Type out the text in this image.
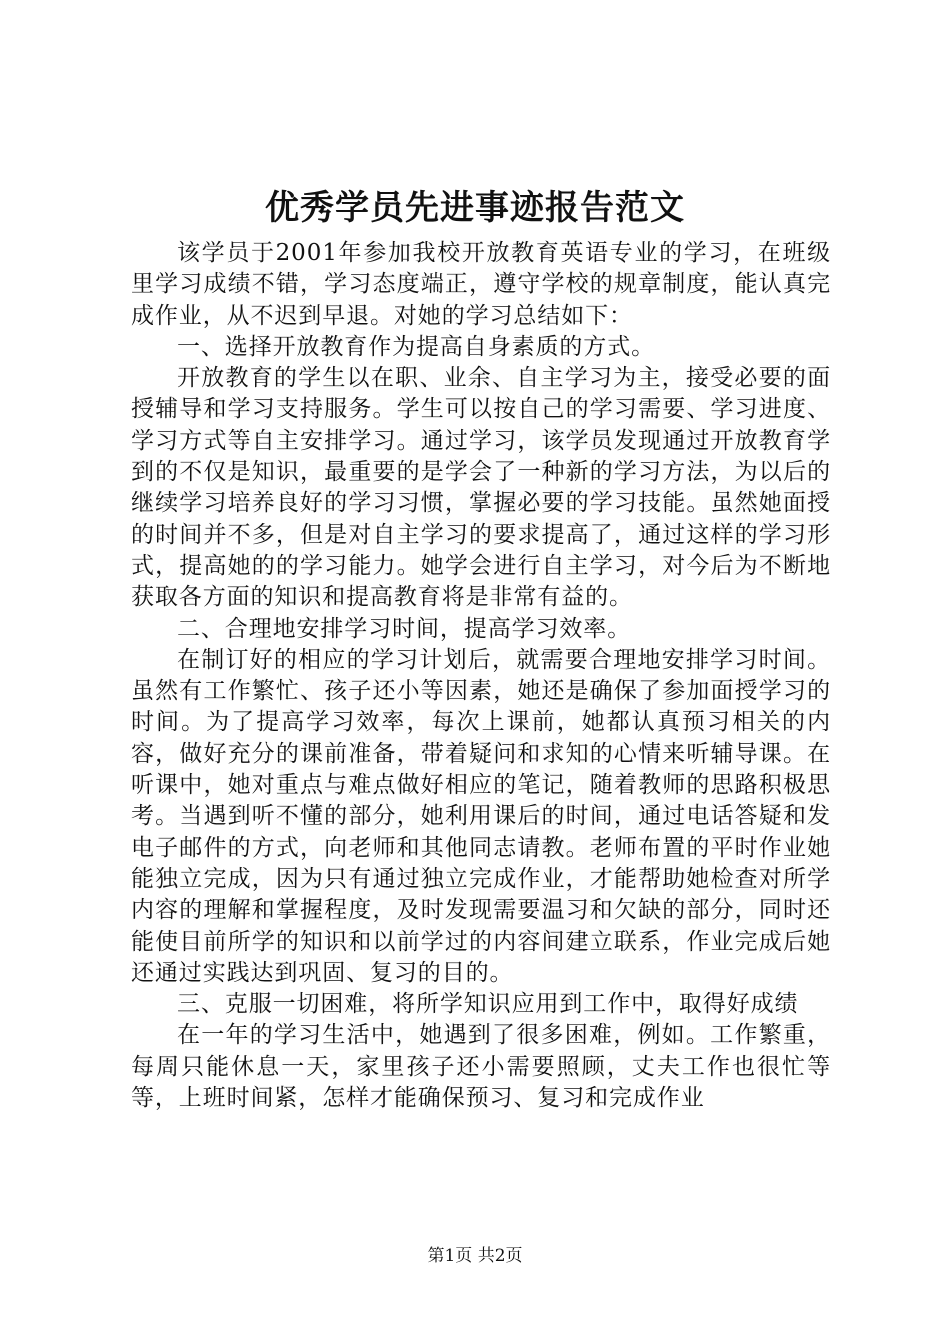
优秀学员先进事迹报告范文

该学员于2001年参加我校开放教育英语专业的学习，在班级里学习成绩不错，学习态度端正，遵守学校的规章制度，能认真完成作业，从不迟到早退。对她的学习总结如下：

一、选择开放教育作为提高自身素质的方式。

开放教育的学生以在职、业余、自主学习为主，接受必要的面授辅导和学习支持服务。学生可以按自己的学习需要、学习进度、学习方式等自主安排学习。通过学习，该学员发现通过开放教育学到的不仅是知识，最重要的是学会了一种新的学习方法，为以后的继续学习培养良好的学习习惯，掌握必要的学习技能。虽然她面授的时间并不多，但是对自主学习的要求提高了，通过这样的学习形式，提高她的的学习能力。她学会进行自主学习，对今后为不断地获取各方面的知识和提高教育将是非常有益的。

二、合理地安排学习时间，提高学习效率。

在制订好的相应的学习计划后，就需要合理地安排学习时间。虽然有工作繁忙、孩子还小等因素，她还是确保了参加面授学习的时间。为了提高学习效率，每次上课前，她都认真预习相关的内容，做好充分的课前准备，带着疑问和求知的心情来听辅导课。在听课中，她对重点与难点做好相应的笔记，随着教师的思路积极思考。当遇到听不懂的部分，她利用课后的时间，通过电话答疑和发电子邮件的方式，向老师和其他同志请教。老师布置的平时作业她能独立完成，因为只有通过独立完成作业，才能帮助她检查对所学内容的理解和掌握程度，及时发现需要温习和欠缺的部分，同时还能使目前所学的知识和以前学过的内容间建立联系，作业完成后她还通过实践达到巩固、复习的目的。

三、克服一切困难，将所学知识应用到工作中，取得好成绩

在一年的学习生活中，她遇到了很多困难，例如。工作繁重，每周只能休息一天，家里孩子还小需要照顾，丈夫工作也很忙等等，上班时间紧，怎样才能确保预习、复习和完成作业

第1页 共2页
